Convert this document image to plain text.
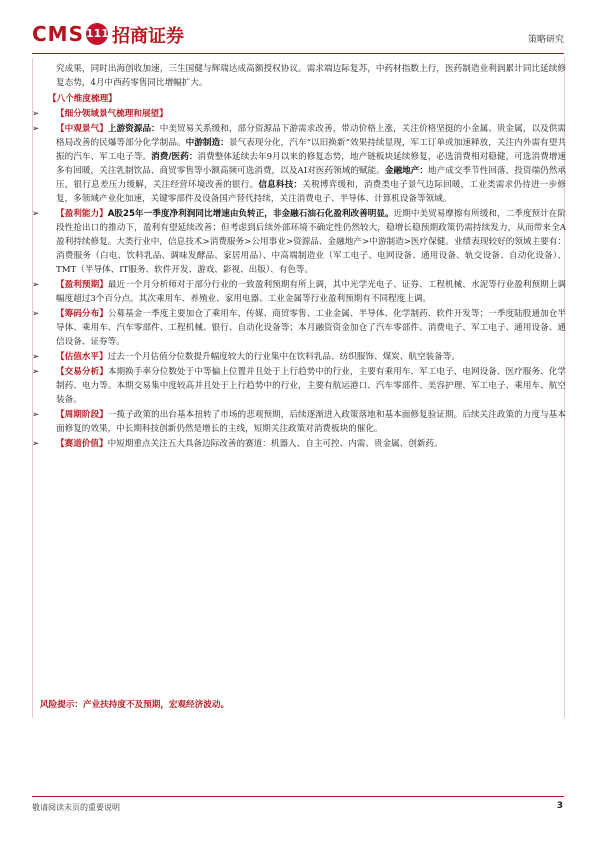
CMS 111 招商证券	策略研究
究成果，同时出海创收加速，三生国健与辉瑞达成高额授权协议。需求端边际复苏，中药材指数上行，医药制造业利润累计同比延续修复态势，4月中西药零售同比增幅扩大。
【八个维度梳理】
➢ 【细分领域景气梳理和展望】
➢ 【中观景气】上游资源品：中美贸易关系缓和，部分资源品下游需求改善，带动价格上涨，关注价格坚挺的小金属、贵金属，以及供需格局改善的民爆等部分化学制品。中游制造：景气表现分化，汽车“以旧换新”效果持续显现，军工订单或加速释放，关注内外需有望共振的汽车、军工电子等。消费/医药：消费整体延续去年9月以来的修复态势，地产链板块延续修复，必选消费相对稳健，可选消费增速多有回暖，关注乳制饮品、商贸零售等小额高频可选消费，以及AI对医药领域的赋能。金融地产：地产成交季节性回落，投资端仍然承压，银行息差压力缓解，关注经营环境改善的银行。信息科技：关税博弈缓和，消费类电子景气边际回暖，工业类需求仍待进一步修复，多领域产业化加速，关键零部件及设备国产替代持续，关注消费电子、半导体、计算机设备等领域。
➢ 【盈利能力】A股25年一季度净利润同比增速由负转正，非金融石油石化盈利改善明显。近期中美贸易摩擦有所缓和，二季度预计在阶段性抢出口的推动下，盈利有望延续改善；但考虑到后续外部环境不确定性仍然较大，稳增长稳预期政策仍需持续发力，从而带来全A盈利持续修复。大类行业中，信息技术>消费服务>公用事业>资源品、金融地产>中游制造>医疗保健。业绩表现较好的领域主要有：消费服务（白电、饮料乳品、调味发酵品、家居用品）、中高端制造业（军工电子、电网设备、通用设备、轨交设备、自动化设备）、TMT（半导体、IT服务、软件开发、游戏、影视、出版）、有色等。
➢ 【盈利预期】最近一个月分析师对于部分行业的一致盈利预期有所上调，其中光学光电子、证券、工程机械、水泥等行业盈利预期上调幅度超过3个百分点。其次乘用车、养殖业、家用电器、工业金属等行业盈利预期有不同程度上调。
➢ 【筹码分布】公募基金一季度主要加仓了乘用车、传媒、商贸零售、工业金属、半导体、化学制药、软件开发等；一季度陆股通加仓半导体、乘用车、汽车零部件、工程机械、银行、自动化设备等；本月融资资金加仓了汽车零部件、消费电子、军工电子、通用设备、通信设备、证券等。
➢ 【估值水平】过去一个月估值分位数提升幅度较大的行业集中在饮料乳品、纺织服饰、煤炭、航空装备等。
➢ 【交易分析】本期换手率分位数处于中等偏上位置并且处于上行趋势中的行业，主要有乘用车、军工电子、电网设备、医疗服务、化学制药、电力等。本期交易集中度较高并且处于上行趋势中的行业，主要有航运港口、汽车零部件、美容护理、军工电子、乘用车、航空装备。
➢ 【周期阶段】一揽子政策的出台基本扭转了市场的悲观预期，后续逐渐进入政策落地和基本面修复验证期。后续关注政策的力度与基本面修复的效果，中长期科技创新仍然是增长的主线，短期关注政策对消费板块的催化。
➢ 【赛道价值】中短期重点关注五大具备边际改善的赛道：机器人、自主可控、内需、贵金属、创新药。
风险提示：产业扶持度不及预期，宏观经济波动。
敬请阅读末页的重要说明	3
